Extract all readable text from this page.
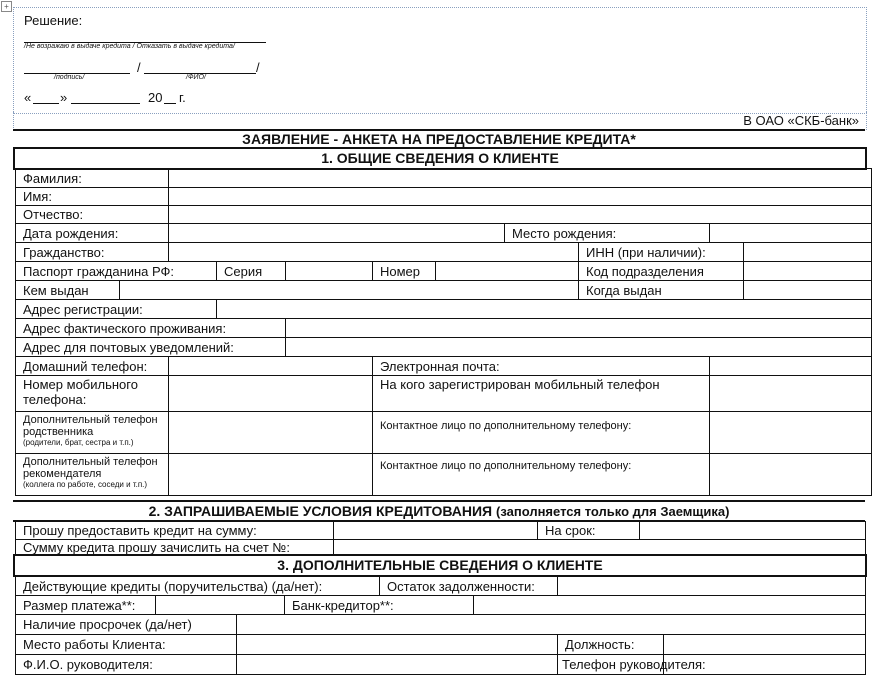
+
Решение:
/Не возражаю в выдаче кредита / Отказать в выдаче кредита/
/	/
/подпись/	/ФИО/
« »	20 г.
В ОАО «СКБ-банк»
ЗАЯВЛЕНИЕ - АНКЕТА НА ПРЕДОСТАВЛЕНИЕ КРЕДИТА*
1. ОБЩИЕ СВЕДЕНИЯ О КЛИЕНТЕ
Фамилия:										
Имя:										
Отчество:										
Дата рождения:							Место рождения:			
Гражданство:								ИНН (при наличии):		
Паспорт гражданина РФ:			Серия		Номер			Код подразделения		
Кем выдан								Когда выдан		
Адрес регистрации:										
Адрес фактического проживания:										
Адрес для почтовых уведомлений:										
Домашний телефон:					Электронная почта:					
Номер мобильного телефона:					На кого зарегистрирован мобильный телефон					
Дополнительный телефон родственника
(родители, брат, сестра и т.п.)					Контактное лицо по дополнительному телефону:					
Дополнительный телефон рекомендателя
(коллега по работе, соседи и т.п.)					Контактное лицо по дополнительному телефону:					
2. ЗАПРАШИВАЕМЫЕ УСЛОВИЯ КРЕДИТОВАНИЯ (заполняется только для Заемщика)
Прошу предоставить кредит на сумму:		На срок:	
Сумму кредита прошу зачислить на счет №:			
3. ДОПОЛНИТЕЛЬНЫЕ СВЕДЕНИЯ О КЛИЕНТЕ
Действующие кредиты (поручительства) (да/нет):				Остаток задолженности:			
Размер платежа**:			Банк-кредитор**:				
Наличие просрочек (да/нет)							
Место работы Клиента:						Должность:	
Ф.И.О. руководителя:						Телефон руководителя:	
